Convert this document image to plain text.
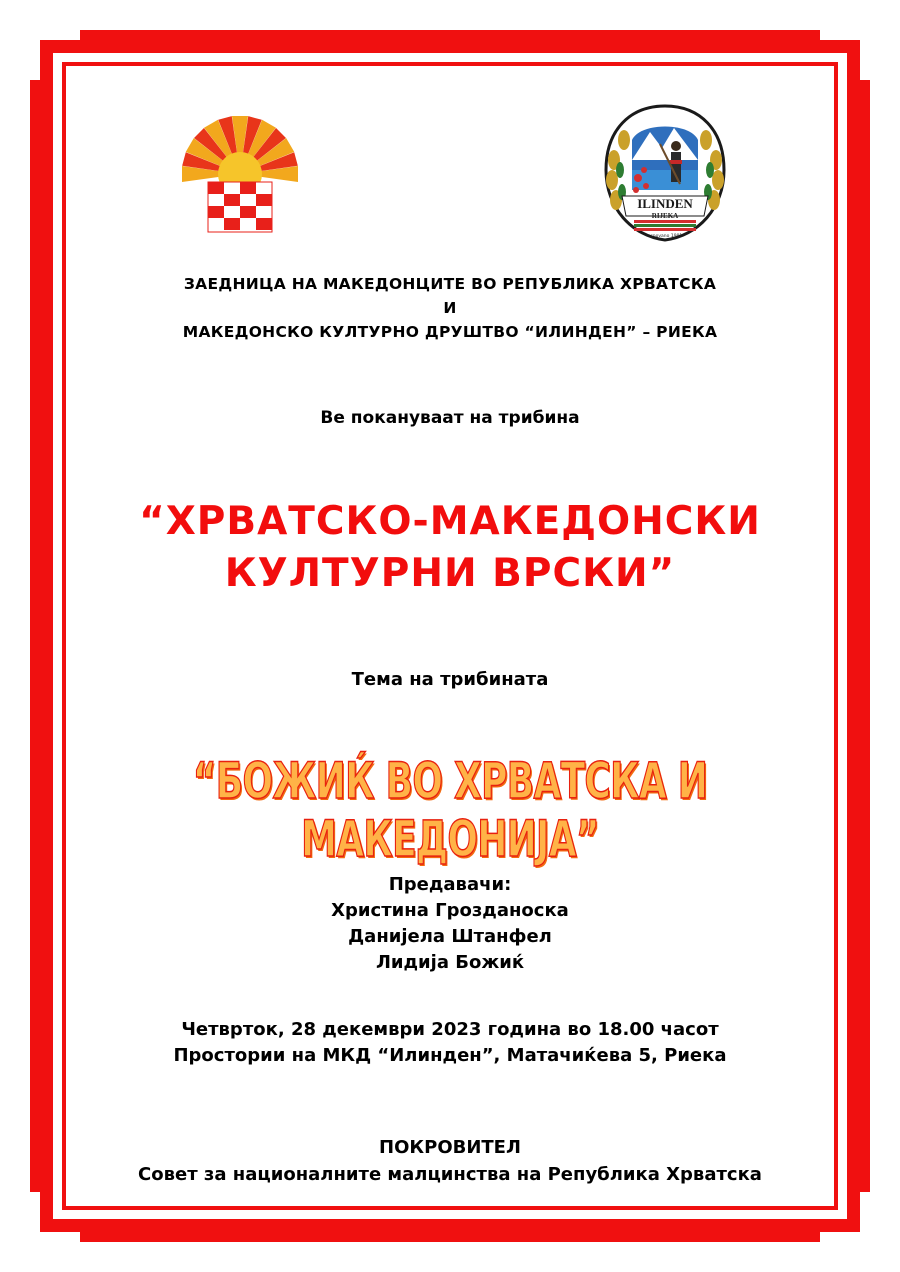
ILINDEN
RIJEKA
osnovano 1991
ЗАЕДНИЦА НА МАКЕДОНЦИТЕ ВО РЕПУБЛИКА ХРВАТСКА
И
МАКЕДОНСКО КУЛТУРНО ДРУШТВО “ИЛИНДЕН” – РИЕКА
Ве покануваат на трибина
“ХРВАТСКО-МАКЕДОНСКИ
КУЛТУРНИ ВРСКИ”
Тема на трибината
“БОЖИЌ ВО ХРВАТСКА И МАКЕДОНИЈА”
Предавачи:
Христина Грозданоска
Данијела Штанфел
Лидија Божиќ
Четврток, 28 декември 2023 година во 18.00 часот
Простории на МКД “Илинден”, Матачиќева 5, Риека
ПОКРОВИТЕЛ
Совет за националните малцинства на Република Хрватска
